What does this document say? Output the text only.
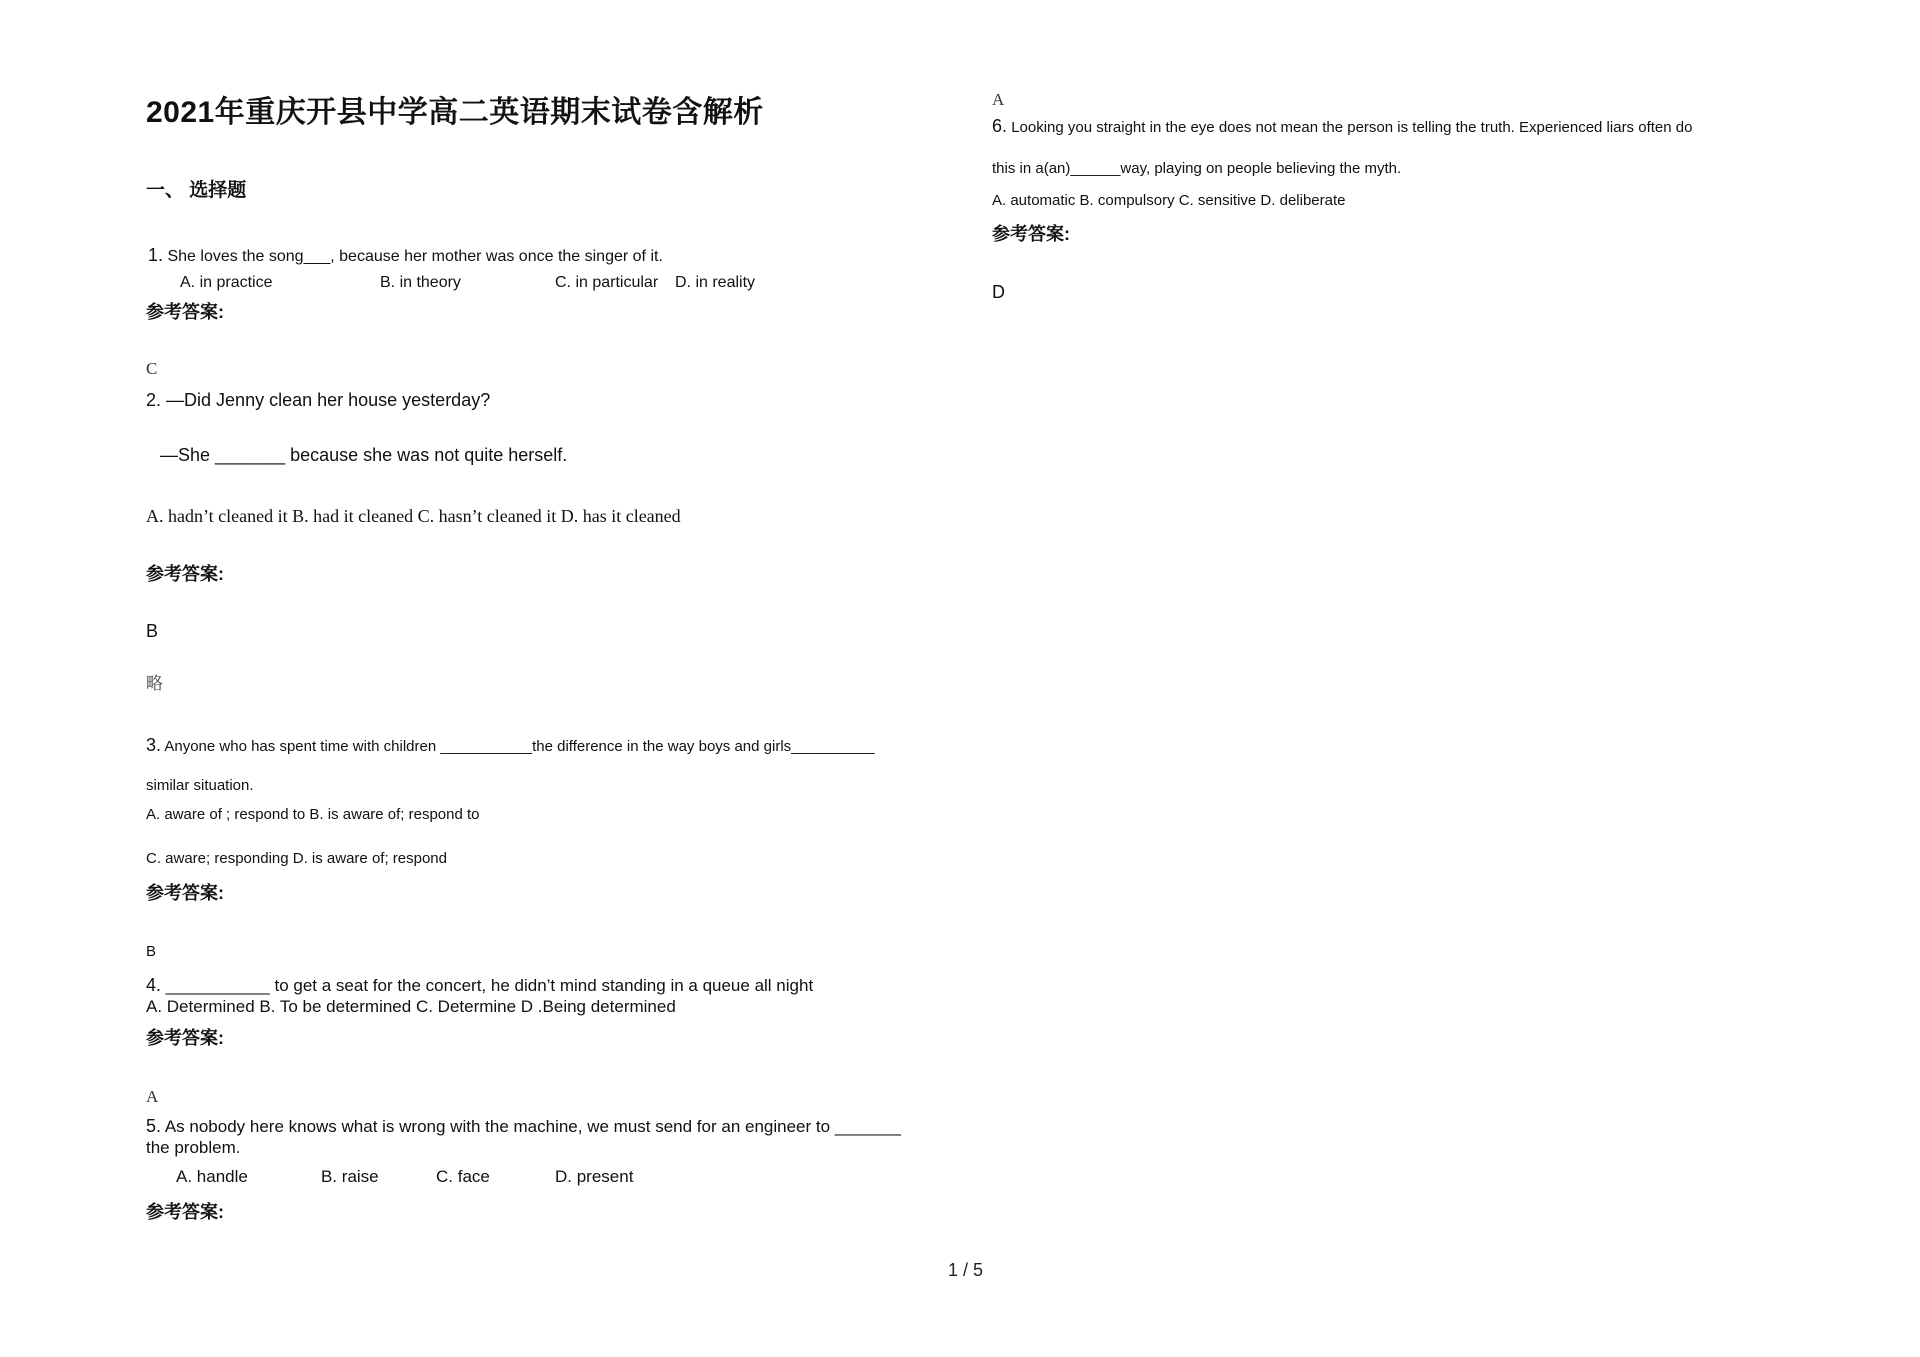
2021年重庆开县中学高二英语期末试卷含解析
一、 选择题
1. She loves the song___, because her mother was once the singer of it.
A. in practice	B. in theory	C. in particular D. in reality
参考答案:
C
2. —Did Jenny clean her house yesterday?
—She _______ because she was not quite herself.
A. hadn’t cleaned it B. had it cleaned C. hasn’t cleaned it D. has it cleaned
参考答案:
B
略
3. Anyone who has spent time with children ___________the difference in the way boys and girls__________
similar situation.
A. aware of ; respond to B. is aware of; respond to
C. aware; responding D. is aware of; respond
参考答案:
B
4. ___________ to get a seat for the concert, he didn’t mind standing in a queue all night
A. Determined B. To be determined C. Determine D .Being determined
参考答案:
A
5. As nobody here knows what is wrong with the machine, we must send for an engineer to _______
the problem.
A. handle	B. raise	C. face	D. present
参考答案:
A
6. Looking you straight in the eye does not mean the person is telling the truth. Experienced liars often do
this in a(an)______way, playing on people believing the myth.
A. automatic B. compulsory C. sensitive D. deliberate
参考答案:
D
1 / 5
